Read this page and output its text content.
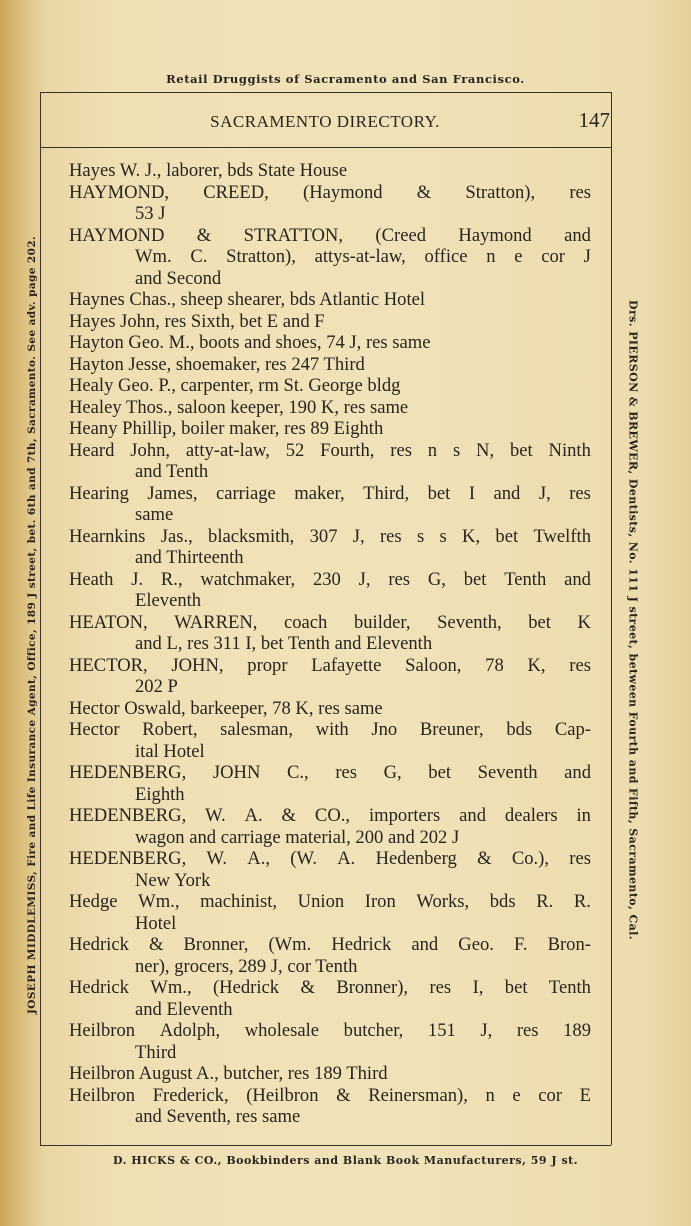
Retail Druggists of Sacramento and San Francisco.
JOSEPH MIDDLEMISS, Fire and Life Insurance Agent, Office, 189 J street, bet. 6th and 7th, Sacramento. See adv. page 202.	Drs. PIERSON & BREWER, Dentists, No. 111 J street, between Fourth and Fifth, Sacramento, Cal.
SACRAMENTO DIRECTORY.	147
Hayes W. J., laborer, bds State House
HAYMOND, CREED, (Haymond & Stratton), res
53 J
HAYMOND & STRATTON, (Creed Haymond and
Wm. C. Stratton), attys-at-law, office n e cor J
and Second
Haynes Chas., sheep shearer, bds Atlantic Hotel
Hayes John, res Sixth, bet E and F
Hayton Geo. M., boots and shoes, 74 J, res same
Hayton Jesse, shoemaker, res 247 Third
Healy Geo. P., carpenter, rm St. George bldg
Healey Thos., saloon keeper, 190 K, res same
Heany Phillip, boiler maker, res 89 Eighth
Heard John, atty-at-law, 52 Fourth, res n s N, bet Ninth
and Tenth
Hearing James, carriage maker, Third, bet I and J, res
same
Hearnkins Jas., blacksmith, 307 J, res s s K, bet Twelfth
and Thirteenth
Heath J. R., watchmaker, 230 J, res G, bet Tenth and
Eleventh
HEATON, WARREN, coach builder, Seventh, bet K
and L, res 311 I, bet Tenth and Eleventh
HECTOR, JOHN, propr Lafayette Saloon, 78 K, res
202 P
Hector Oswald, barkeeper, 78 K, res same
Hector Robert, salesman, with Jno Breuner, bds Cap-
ital Hotel
HEDENBERG, JOHN C., res G, bet Seventh and
Eighth
HEDENBERG, W. A. & CO., importers and dealers in
wagon and carriage material, 200 and 202 J
HEDENBERG, W. A., (W. A. Hedenberg & Co.), res
New York
Hedge Wm., machinist, Union Iron Works, bds R. R.
Hotel
Hedrick & Bronner, (Wm. Hedrick and Geo. F. Bron-
ner), grocers, 289 J, cor Tenth
Hedrick Wm., (Hedrick & Bronner), res I, bet Tenth
and Eleventh
Heilbron Adolph, wholesale butcher, 151 J, res 189
Third
Heilbron August A., butcher, res 189 Third
Heilbron Frederick, (Heilbron & Reinersman), n e cor E
and Seventh, res same
D. HICKS & CO., Bookbinders and Blank Book Manufacturers, 59 J st.
